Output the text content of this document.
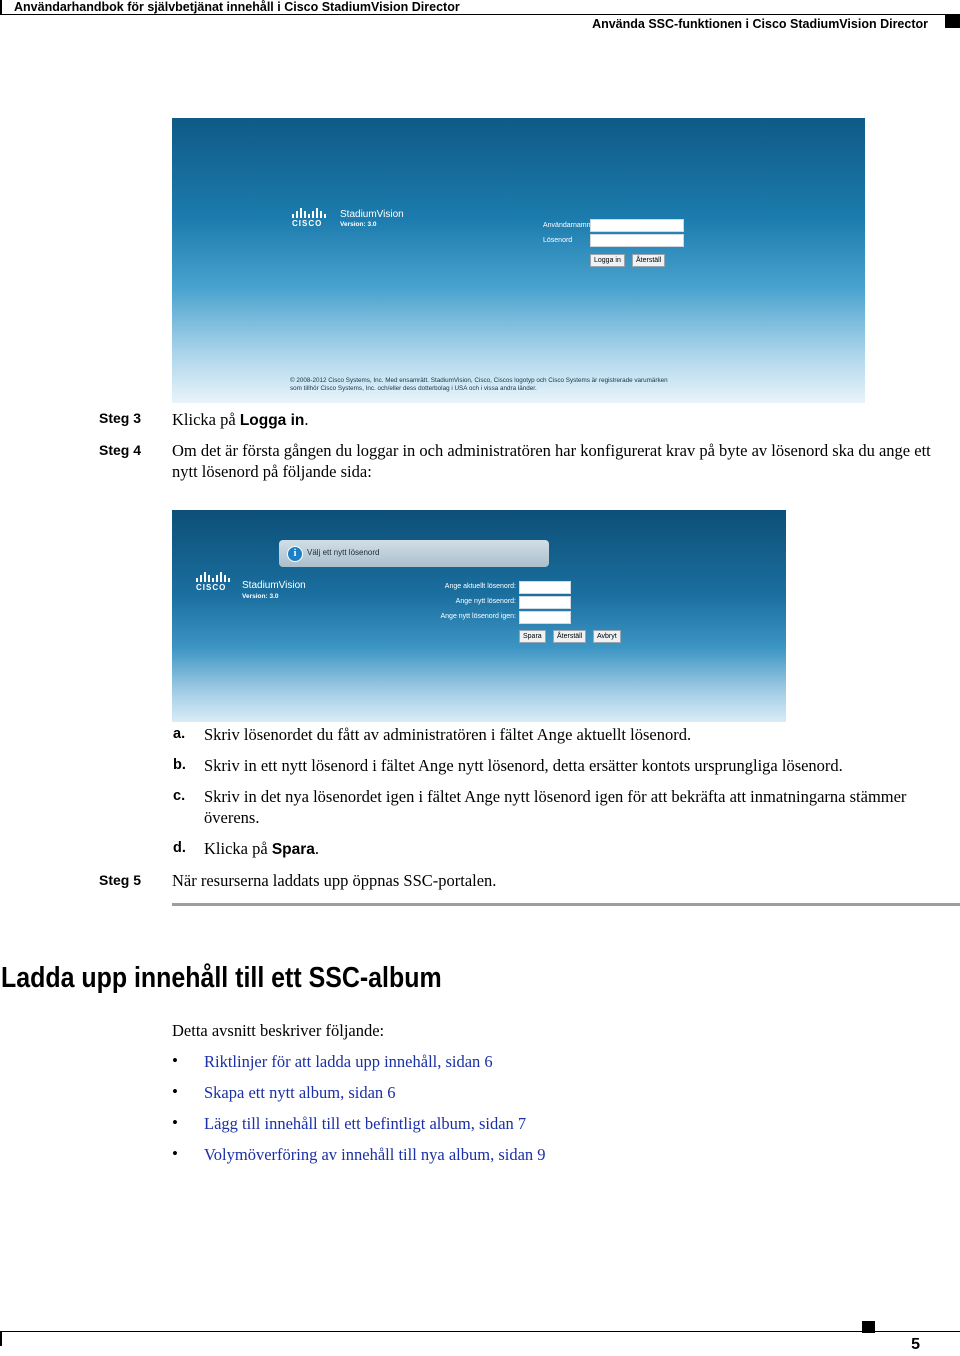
Användarhandbok för självbetjänat innehåll i Cisco StadiumVision Director
Använda SSC-funktionen i Cisco StadiumVision Director
CISCO
StadiumVision
Version: 3.0	Användarnamn
Lösenord
Logga in	Återställ
© 2008-2012 Cisco Systems, Inc. Med ensamrätt. StadiumVision, Cisco, Ciscos logotyp och Cisco Systems är registrerade varumärken som tillhör Cisco Systems, Inc. och/eller dess dotterbolag i USA och i vissa andra länder.
Steg 3 Klicka på Logga in.
Steg 4 Om det är första gången du loggar in och administratören har konfigurerat krav på byte av lösenord ska du ange ett nytt lösenord på följande sida:
i	Välj ett nytt lösenord
CISCO	StadiumVision
Version: 3.0
Ange aktuellt lösenord:
Ange nytt lösenord:
Ange nytt lösenord igen:
Spara	Återställ	Avbryt
a. Skriv lösenordet du fått av administratören i fältet Ange aktuellt lösenord.
b. Skriv in ett nytt lösenord i fältet Ange nytt lösenord, detta ersätter kontots ursprungliga lösenord.
c. Skriv in det nya lösenordet igen i fältet Ange nytt lösenord igen för att bekräfta att inmatningarna stämmer överens.
d. Klicka på Spara.
Steg 5 När resurserna laddats upp öppnas SSC-portalen.
Ladda upp innehåll till ett SSC-album
Detta avsnitt beskriver följande:
• Riktlinjer för att ladda upp innehåll, sidan 6
• Skapa ett nytt album, sidan 6
• Lägg till innehåll till ett befintligt album, sidan 7
• Volymöverföring av innehåll till nya album, sidan 9
5
